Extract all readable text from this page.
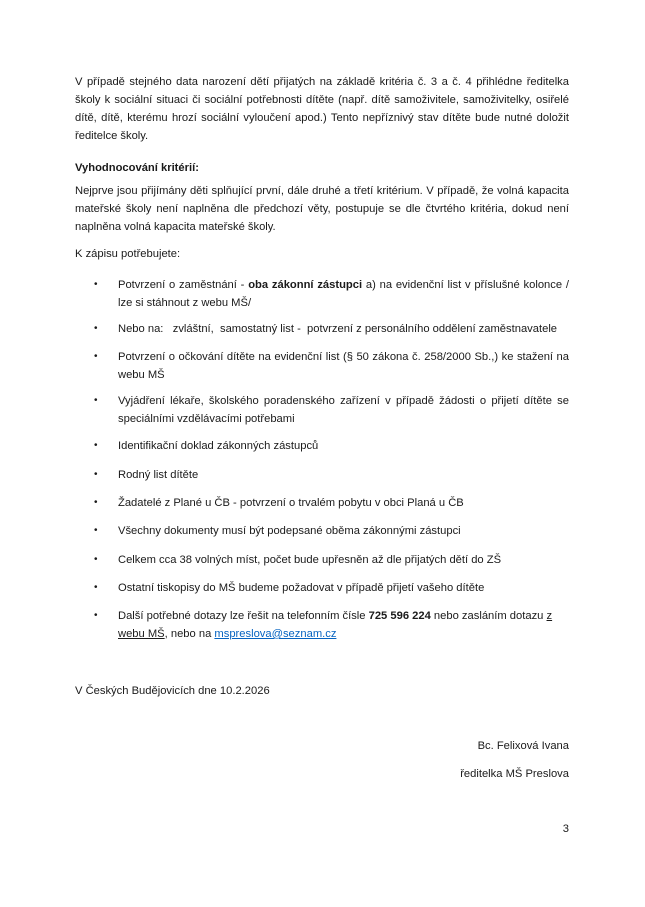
V případě stejného data narození dětí přijatých na základě kritéria č. 3 a č. 4 přihlédne ředitelka školy k sociální situaci či sociální potřebnosti dítěte (např. dítě samoživitele, samoživitelky, osiřelé dítě, dítě, kterému hrozí sociální vyloučení apod.) Tento nepříznivý stav dítěte bude nutné doložit ředitelce školy.

Vyhodnocování kritérií:

Nejprve jsou přijímány děti splňující první, dále druhé a třetí kritérium. V případě, že volná kapacita mateřské školy není naplněna dle předchozí věty, postupuje se dle čtvrtého kritéria, dokud není naplněna volná kapacita mateřské školy.

K zápisu potřebujete:

•	Potvrzení o zaměstnání - oba zákonní zástupci a) na evidenční list v příslušné kolonce / lze si stáhnout z webu MŠ/
•	Nebo na:   zvláštní,  samostatný list -  potvrzení z personálního oddělení zaměstnavatele
•	Potvrzení o očkování dítěte na evidenční list (§ 50 zákona č. 258/2000 Sb.,) ke stažení na webu MŠ
•	Vyjádření lékaře, školského poradenského zařízení v případě žádosti o přijetí dítěte se speciálními vzdělávacími potřebami
•	Identifikační doklad zákonných zástupců
•	Rodný list dítěte
•	Žadatelé z Plané u ČB - potvrzení o trvalém pobytu v obci Planá u ČB
•	Všechny dokumenty musí být podepsané oběma zákonnými zástupci
•	Celkem cca 38 volných míst, počet bude upřesněn až dle přijatých dětí do ZŠ
•	Ostatní tiskopisy do MŠ budeme požadovat v případě přijetí vašeho dítěte
•	Další potřebné dotazy lze řešit na telefonním čísle 725 596 224 nebo zasláním dotazu z webu MŠ, nebo na mspreslova@seznam.cz

V Českých Budějovicích dne 10.2.2026

Bc. Felixová Ivana

ředitelka MŠ Preslova

3
